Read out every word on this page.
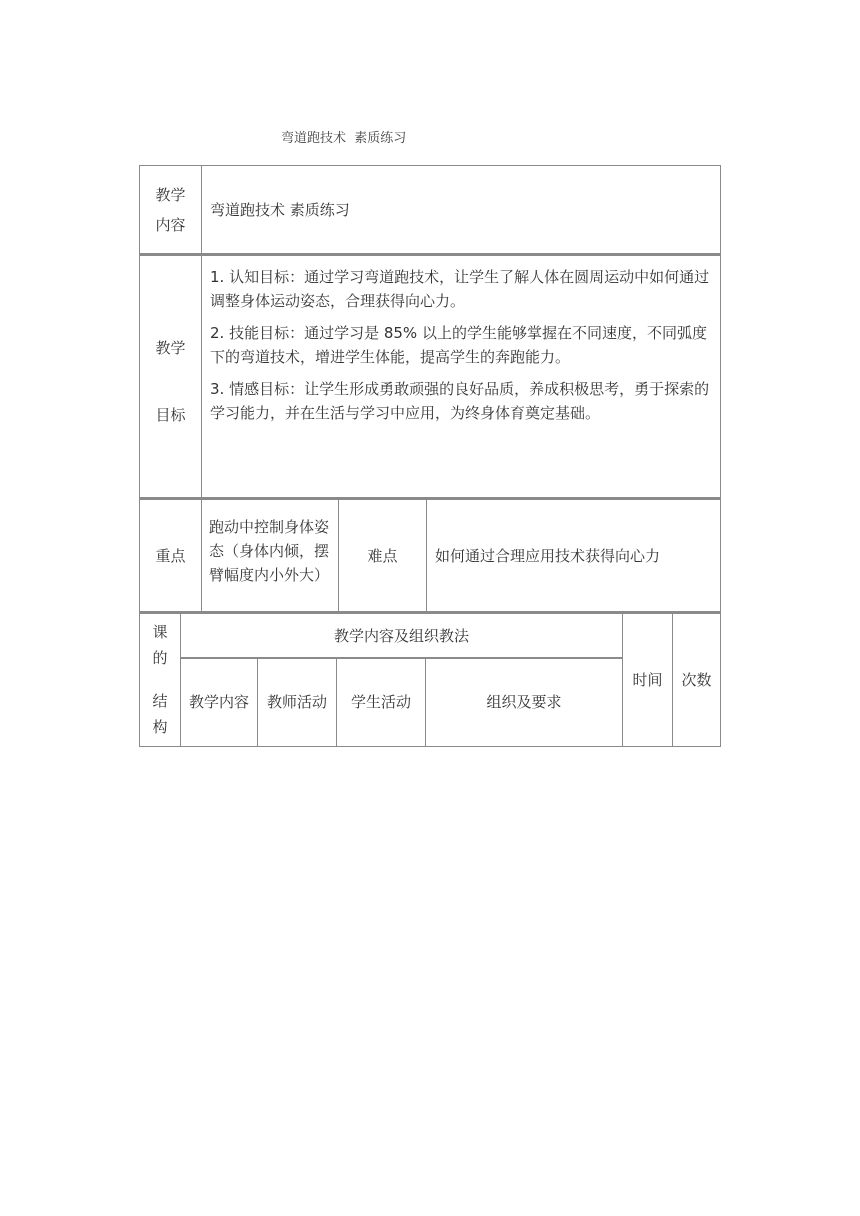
弯道跑技术  素质练习
教学
内容
弯道跑技术 素质练习
教学
目标

1. 认知目标：通过学习弯道跑技术，让学生了解人体在圆周运动中如何通过调整身体运动姿态，合理获得向心力。

2. 技能目标：通过学习是 85% 以上的学生能够掌握在不同速度，不同弧度下的弯道技术，增进学生体能，提高学生的奔跑能力。

3. 情感目标：让学生形成勇敢顽强的良好品质，养成积极思考，勇于探索的学习能力，并在生活与学习中应用，为终身体育奠定基础。

重点
跑动中控制身体姿态（身体内倾，摆臂幅度内小外大）
难点	如何通过合理应用技术获得向心力
课
的
结
构
教学内容及组织教法
教学内容 教师活动 学生活动	组织及要求
时间 次数
